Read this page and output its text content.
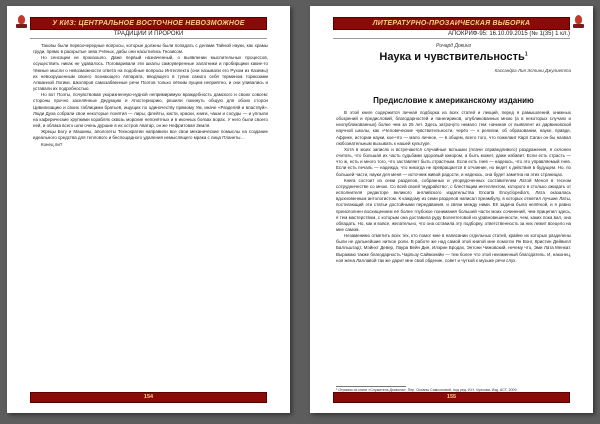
У КИЗ: ЦЕНТРАЛЬНОЕ ВОСТОЧНОЕ НЕВОЗМОЖНОЕ
ТРАДИЦИИ И ПРОРОКИ

Таковы были первоочередные вопросы, которые должны были попадать с делами Тайной науки, как храмы груди, прямо в раскрытые зева Учёных, дабы они насытились Гнозисом.

Но сенсации не произошло. Даже первый назначенный, о выявлении мыслительных процессов, осуществить никак не удавалось. Поговаривали эти шкалы самоуверенные халатники и пробирщики какие-то тёмные мысли о невозможности ответа на подобные вопросы Интеллекта (они называли его Рухом из Каземы) их невоорушенным своего познающего Аппарата, вводящего в тупик самого себя термином тормозами Алманной Логики. Школяров самозабвенные речи Поэтов только лёгким пущем неприятно, и они упивались и уставали их подробностью.

Но вот Поэты, почувствовав укоризненную-нудной непримиримую враждебность дамского и своих совсем: стороны прочно заселённые Дедукцию и Апостериорию, решили покинуть общую для обоих сторон Цивилизацию и своих таблицами братьев, ищущих по одиночеству прямому Ум, иначе «Разделяй и властвуй». Люди Духа собрали свои некоторые понятия — лиры, флейты, кисти, краски, книги, чаши и сосуды — и уплыли на каферические хрупкими кораблях сквозь морские непонятных и в иконных боязах ворах. У него были своего ней, и облака всего шли очень дуршие в их остров Аватар, он же Нефритовая Земля.

Жрецы Богу и Машины, апологеты Технократии направили все свои механические помыслы на создание идеального средства для теплового и беспощадного удаления немыслящего мрака с лица Планеты…

Конец ли?

154
ЛИТЕРАТУРНО-ПРОЗАИЧЕСКАЯ ВЫБОРКА
АПОКРИФ-95: 16.10.09.2015 (№ 1(35) 1 кл.)
Ричард Докинз
Наука и чувствительность$^1$
Кассандра Лия Эстини Джулиетта
Предисловие к американскому изданию

В этой книге содержится личная подборка из всех статей и лекций, перед я рамышлений, книжных обозрений и предисловий, благодарностей и панегириков, опубликованных мною (а в некоторых случаях и неопубликованных) более чем за 25 лет. Здесь затронуто немало тем: начиная от выявлент из дарвиновской научной школы, как «Человеческие чувствительности, черёз — к религии, об образовании, науке, правде, Африке, истории науки, кое-что — мало личное, — в общем, всего того, что пожелаит Карл Саган он бы назвал любознательным вызывать к нашей культуре.

Хотя в моих записях и встречаются случайные вспышки (плачи справедливого) раздражения, я склонен считать, что большая их часть судьбами здоровый юмором, а быть может, даже избавит. Если есть страсть — что ж, есть и много того, что заставляет быть страстным. Если есть гнев — надеюсь, что это управляемый гнев. Если есть печаль — надежда, что никогда не превращается в отчаяние, но ведет к действия в будущем. Но, по большей части, науки для меня — источник живой радости, и надеюсь, она будет заметна на этих страницах.

Книга состоит из семи разделов, собранных и упорядоченных составителем Латой Меноп в тесном сотрудничестве со мною. Со всей своей ‘мудрайство’, с блестящим интеллектом, которого я столько ожидать от исполнителя редакторе великого английского издательства Encarta Encyclopedia’s, Лата оказалась вдохновенным антологистом. К каждому из семи разделов написал преамбулу, в которых отметил лучшие Латы, постигающий эти статьи достойными передавания, и связи между ними. Её задача была нелёгкой, и я равно преисполнен восхищением её более глубокое понимания большей части моих сочинений, чем прицепил здесь, я тем мастерством, с которым она доставила руду Болеетеговой из уравновешенности, чем, каких пока вал, она обладать. Но, как и вовсе, желательно, что она оставила эту подборку, ответственность за них лежит всецело на мне самом.

Незаменимо отметить всех тех, кто помог мне в написании отдельных статей, крайне их которых разделены были не дальнейшие ниткое роли. В работе же над самой этой книгой мне помогли Ян Вонг, Кристин Дейвилл Балльштадт, Мэйнхт Девер, Лаура Вейн Дин, Илэрин Бродах, Энтони Чижовский, нечему что, Эми Лата Менкат. Выражаю также благодарность Чарльзу Саймонийи — тем более что этой неизменный благодатель. И, наконец, ноя жена Лаллавой так же дарит мне свой обдение, совет и чуткой к музыке речи слух.

¹ Отрывок из книги «Служитель Дьявола». Пер. Оксаны Самсоновой, под ред. И.Н. Чулкова. Изд. АСТ, 2009.
155
